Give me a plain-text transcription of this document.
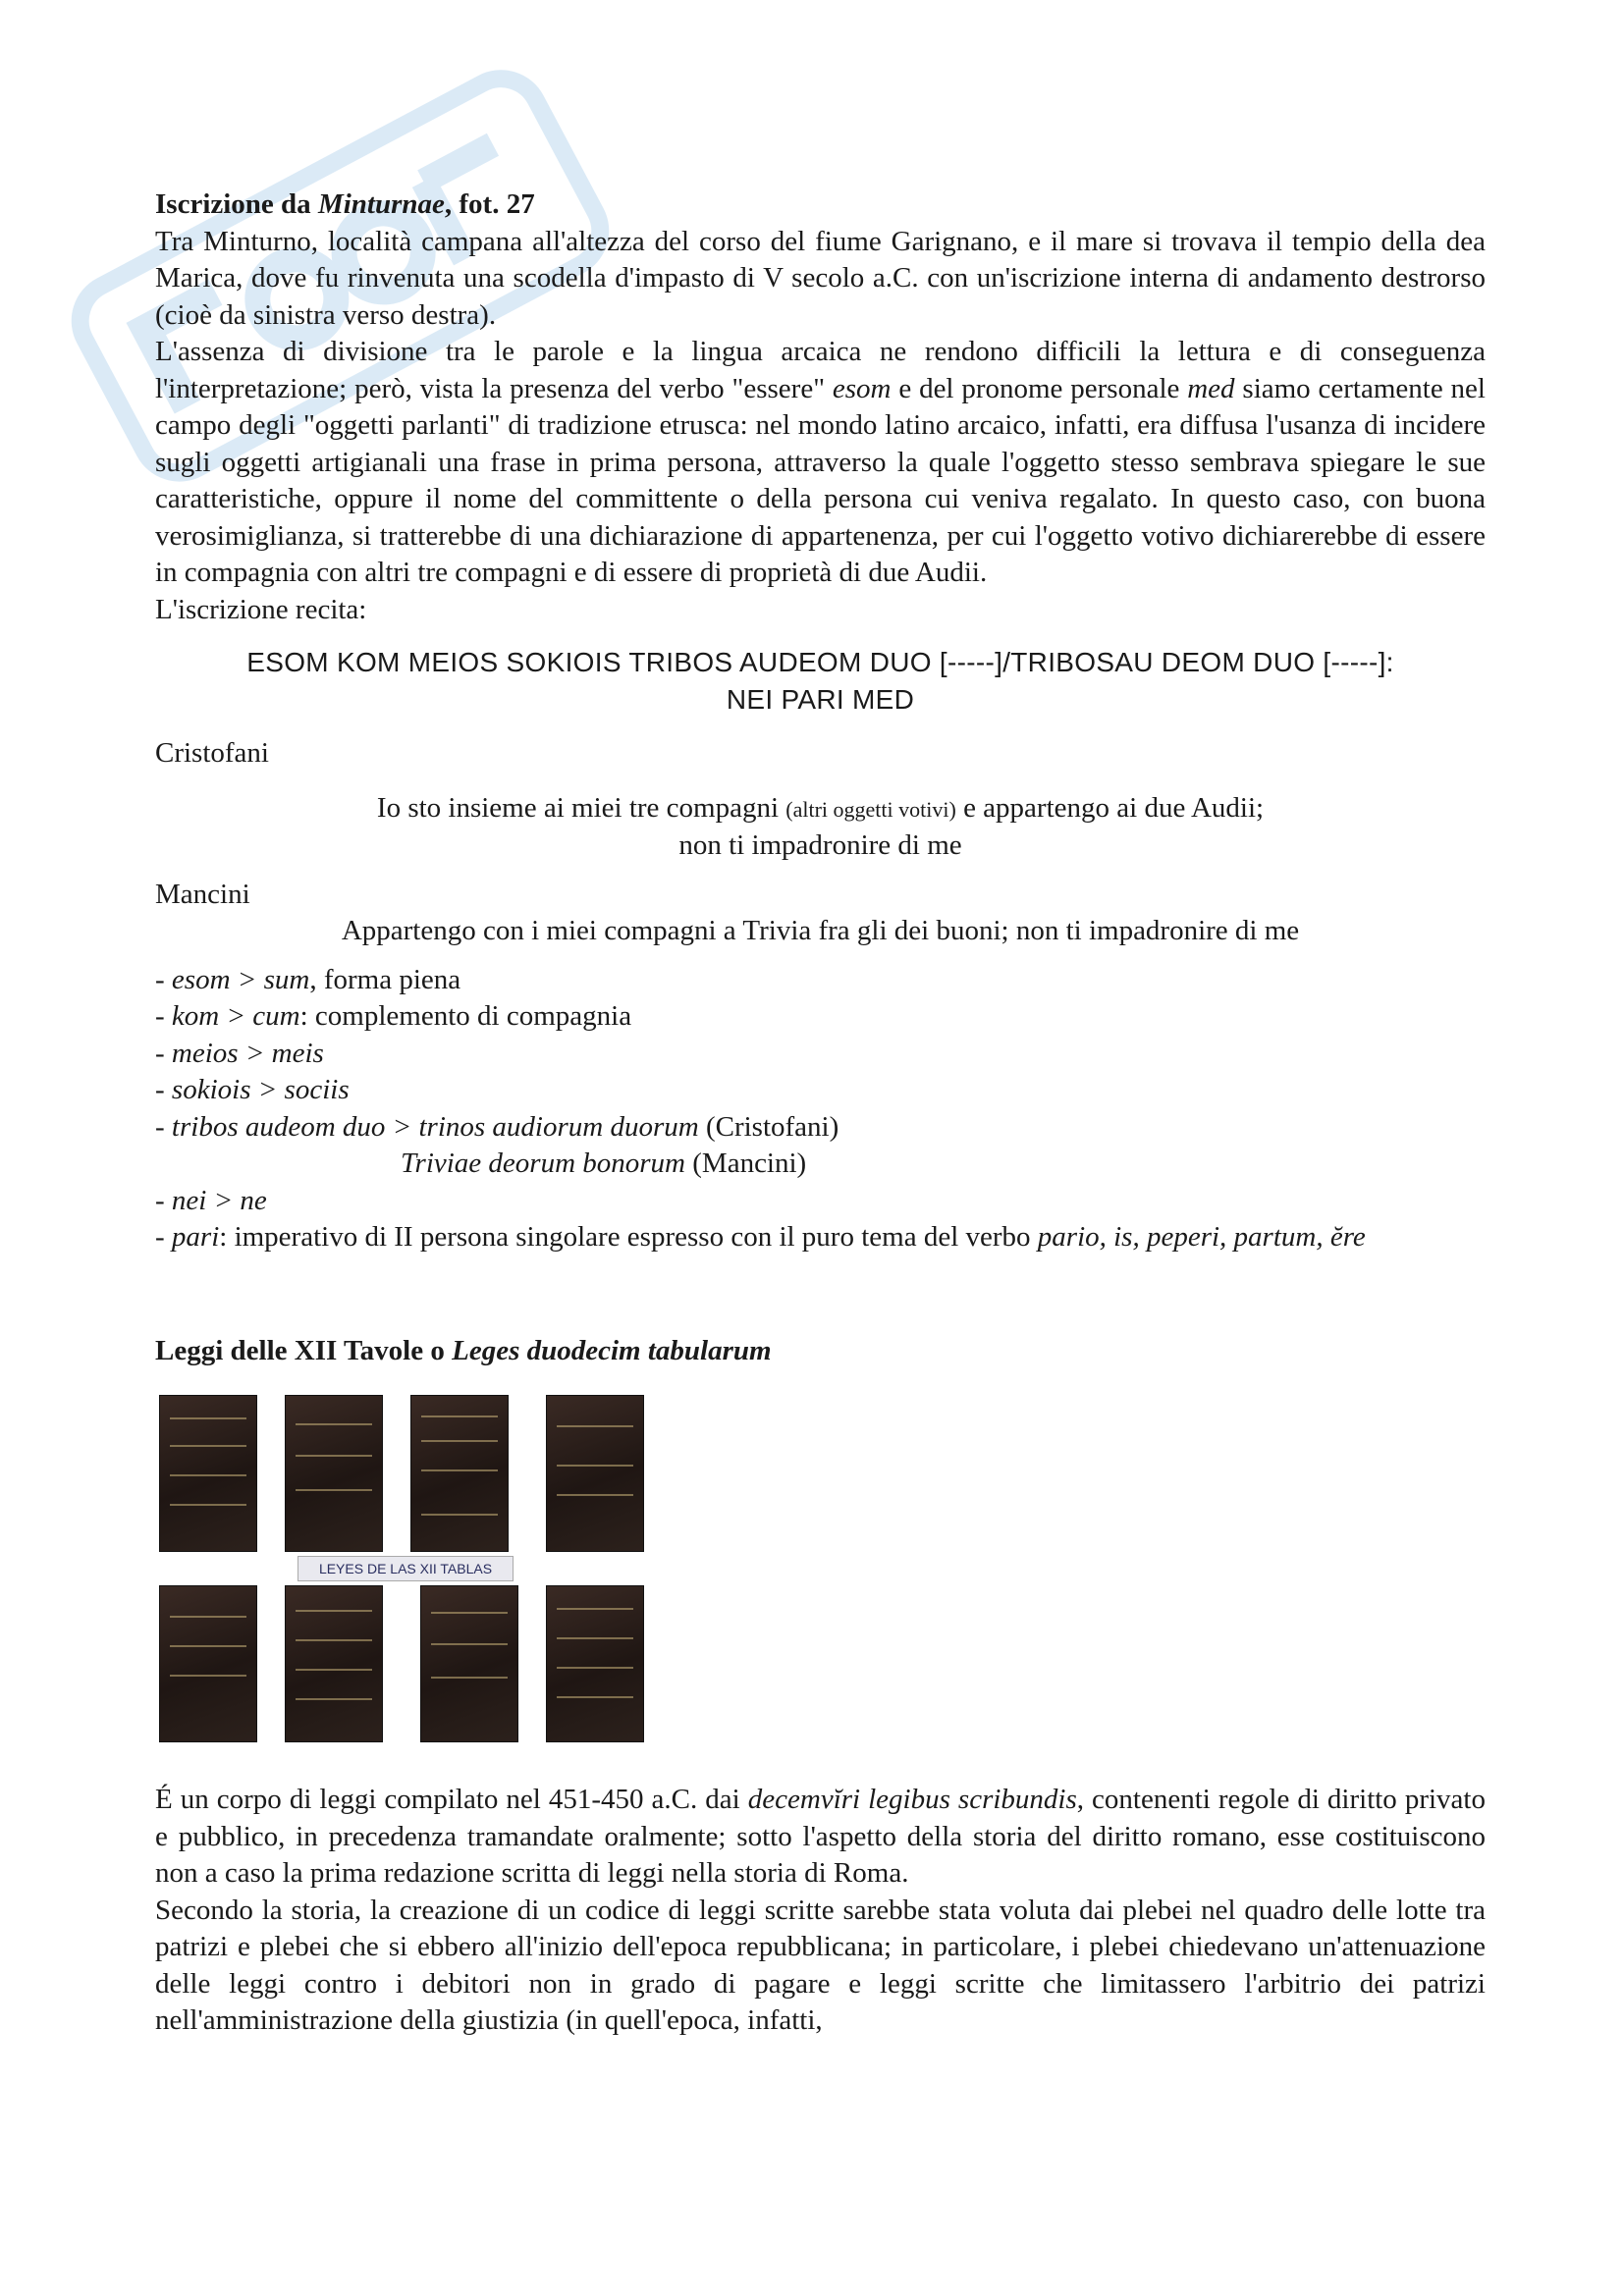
Iscrizione da Minturnae, fot. 27

Tra Minturno, località campana all'altezza del corso del fiume Garignano, e il mare si trovava il tempio della dea Marica, dove fu rinvenuta una scodella d'impasto di V secolo a.C. con un'iscrizione interna di andamento destrorso (cioè da sinistra verso destra).

L'assenza di divisione tra le parole e la lingua arcaica ne rendono difficili la lettura e di conseguenza l'interpretazione; però, vista la presenza del verbo "essere" esom e del pronome personale med siamo certamente nel campo degli "oggetti parlanti" di tradizione etrusca: nel mondo latino arcaico, infatti, era diffusa l'usanza di incidere sugli oggetti artigianali una frase in prima persona, attraverso la quale l'oggetto stesso sembrava spiegare le sue caratteristiche, oppure il nome del committente o della persona cui veniva regalato. In questo caso, con buona verosimiglianza, si tratterebbe di una dichiarazione di appartenenza, per cui l'oggetto votivo dichiarerebbe di essere in compagnia con altri tre compagni e di essere di proprietà di due Audii.

L'iscrizione recita:

ESOM KOM MEIOS SOKIOIS TRIBOS AUDEOM DUO [-----]/TRIBOSAU DEOM DUO [-----]:
NEI PARI MED

Cristofani

Io sto insieme ai miei tre compagni (altri oggetti votivi) e appartengo ai due Audii;
non ti impadronire di me

Mancini

Appartengo con i miei compagni a Trivia fra gli dei buoni; non ti impadronire di me

- esom > sum, forma piena
- kom > cum: complemento di compagnia
- meios > meis
- sokiois > sociis
- tribos audeom duo > trinos audiorum duorum (Cristofani)
Triviae deorum bonorum (Mancini)
- nei > ne
- pari: imperativo di II persona singolare espresso con il puro tema del verbo pario, is, peperi, partum, ĕre

Leggi delle XII Tavole o Leges duodecim tabularum

LEYES DE LAS XII TABLAS

É un corpo di leggi compilato nel 451-450 a.C. dai decemvĭri legibus scribundis, contenenti regole di diritto privato e pubblico, in precedenza tramandate oralmente; sotto l'aspetto della storia del diritto romano, esse costituiscono non a caso la prima redazione scritta di leggi nella storia di Roma.

Secondo la storia, la creazione di un codice di leggi scritte sarebbe stata voluta dai plebei nel quadro delle lotte tra patrizi e plebei che si ebbero all'inizio dell'epoca repubblicana; in particolare, i plebei chiedevano un'attenuazione delle leggi contro i debitori non in grado di pagare e leggi scritte che limitassero l'arbitrio dei patrizi nell'amministrazione della giustizia (in quell'epoca, infatti,
